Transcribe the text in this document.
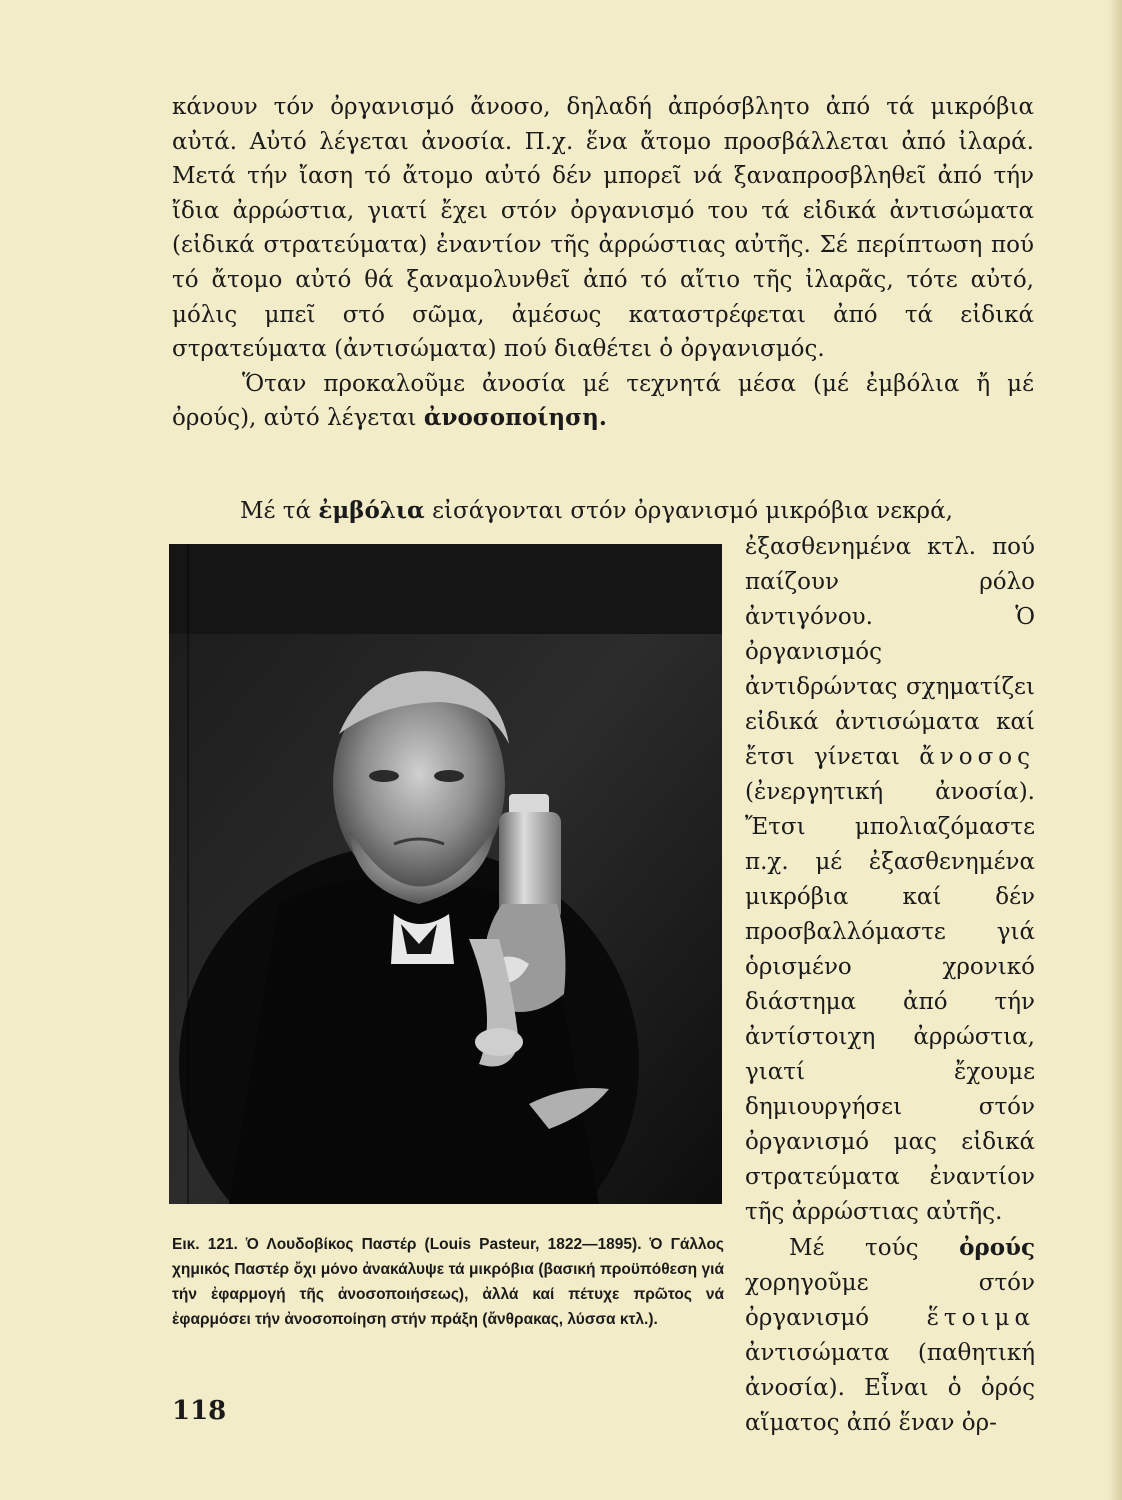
κάνουν τόν ὀργανισμό ἄνοσο, δηλαδή ἀπρόσβλητο ἀπό τά μικρόβια αὐτά. Αὐτό λέγεται ἀνοσία. Π.χ. ἕνα ἄτομο προσβάλλεται ἀπό ἰλαρά. Μετά τήν ἴαση τό ἄτομο αὐτό δέν μπορεῖ νά ξαναπροσβληθεῖ ἀπό τήν ἴδια ἀρρώστια, γιατί ἔχει στόν ὀργανισμό του τά εἰδικά ἀντισώματα (εἰδικά στρατεύματα) ἐναντίον τῆς ἀρρώστιας αὐτῆς. Σέ περίπτωση πού τό ἄτομο αὐτό θά ξαναμολυνθεῖ ἀπό τό αἴτιο τῆς ἰλαρᾶς, τότε αὐτό, μόλις μπεῖ στό σῶμα, ἀμέσως καταστρέφεται ἀπό τά εἰδικά στρατεύματα (ἀντισώματα) πού διαθέτει ὁ ὀργανισμός.

Ὅταν προκαλοῦμε ἀνοσία μέ τεχνητά μέσα (μέ ἐμβόλια ἤ μέ ὀρούς), αὐτό λέγεται ἀνοσοποίηση.

Μέ τά ἐμβόλια εἰσάγονται στόν ὀργανισμό μικρόβια νεκρά,

ἐξασθενημένα κτλ. πού παίζουν ρόλο ἀντιγόνου. Ὁ ὀργανισμός ἀντιδρώντας σχηματίζει εἰδικά ἀντισώματα καί ἔτσι γίνεται ἄνοσος (ἐνεργητική ἀνοσία). Ἔτσι μπολιαζόμαστε π.χ. μέ ἐξασθενημένα μικρόβια καί δέν προσβαλλόμαστε γιά ὁρισμένο χρονικό διάστημα ἀπό τήν ἀντίστοιχη ἀρρώστια, γιατί ἔχουμε δημιουργήσει στόν ὀργανισμό μας εἰδικά στρατεύματα ἐναντίον τῆς ἀρρώστιας αὐτῆς.

Μέ τούς ὀρούς χορηγοῦμε στόν ὀργανισμό ἕτοιμα ἀντισώματα (παθητική ἀνοσία). Εἶναι ὁ ὀρός αἵματος ἀπό ἕναν ὀρ-

Εικ. 121. Ὁ Λουδοβίκος Παστέρ (Louis Pasteur, 1822—1895). Ὁ Γάλλος χημικός Παστέρ ὄχι μόνο ἀνακάλυψε τά μικρόβια (βασική προϋπόθεση γιά τήν ἐφαρμογή τῆς ἀνοσοποιήσεως), ἀλλά καί πέτυχε πρῶτος νά ἐφαρμόσει τήν ἀνοσοποίηση στήν πράξη (ἄνθρακας, λύσσα κτλ.).
118
